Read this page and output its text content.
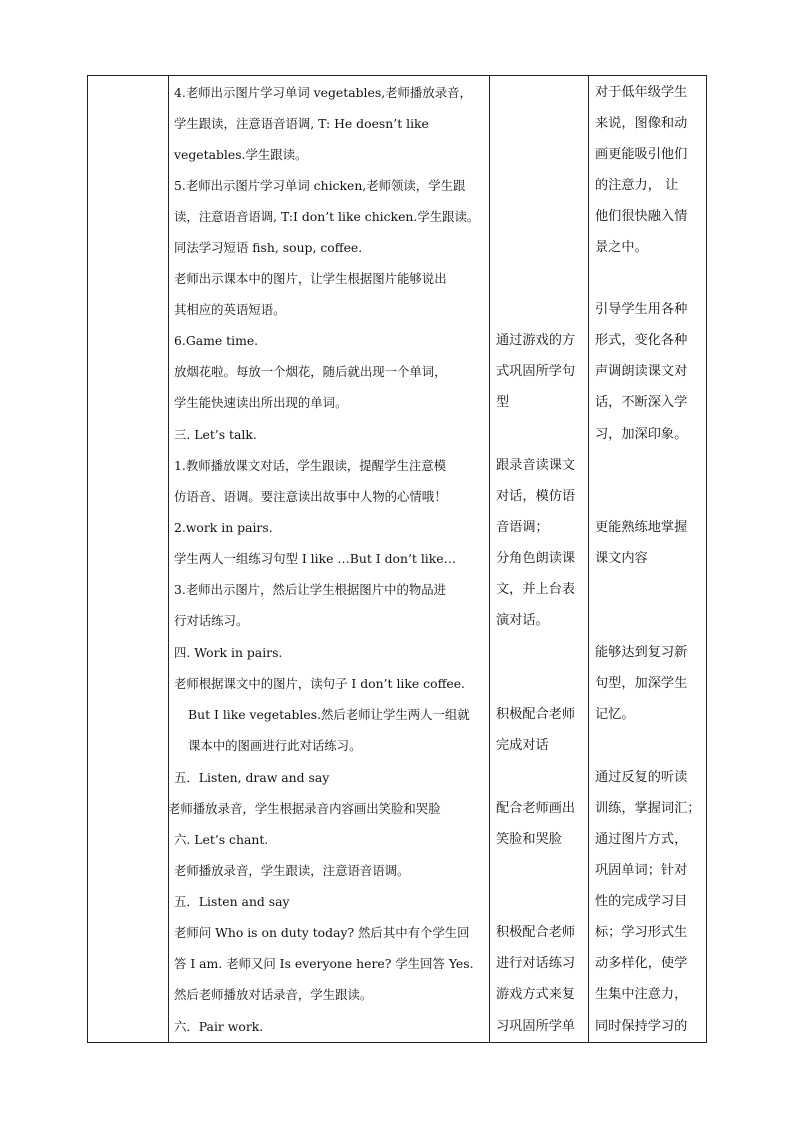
4.老师出示图片学习单词 vegetables,老师播放录音，
学生跟读，注意语音语调, T: He doesn’t like
vegetables.学生跟读。
5.老师出示图片学习单词 chicken,老师领读，学生跟
读，注意语音语调, T:I don’t like chicken.学生跟读。
同法学习短语 fish, soup, coffee.
老师出示课本中的图片，让学生根据图片能够说出
其相应的英语短语。
6.Game time.
放烟花啦。每放一个烟花，随后就出现一个单词，
学生能快速读出所出现的单词。
三. Let’s talk.
1.教师播放课文对话，学生跟读，提醒学生注意模
仿语音、语调。要注意读出故事中人物的心情哦！
2.work in pairs.
学生两人一组练习句型 I like …But I don’t like…
3.老师出示图片，然后让学生根据图片中的物品进
行对话练习。
四. Work in pairs.
老师根据课文中的图片，读句子 I don’t like coffee.
But I like vegetables.然后老师让学生两人一组就
课本中的图画进行此对话练习。
五．Listen, draw and say
老师播放录音，学生根据录音内容画出笑脸和哭脸
六. Let’s chant.
老师播放录音，学生跟读，注意语音语调。
五．Listen and say
老师问 Who is on duty today? 然后其中有个学生回
答 I am. 老师又问 Is everyone here? 学生回答 Yes.
然后老师播放对话录音，学生跟读。
六．Pair work.
通过游戏的方
式巩固所学句
型
跟录音读课文
对话，模仿语
音语调；
分角色朗读课
文，并上台表
演对话。
积极配合老师
完成对话
配合老师画出
笑脸和哭脸
积极配合老师
进行对话练习
游戏方式来复
习巩固所学单
对于低年级学生
来说，图像和动
画更能吸引他们
的注意力， 让
他们很快融入情
景之中。
引导学生用各种
形式，变化各种
声调朗读课文对
话，不断深入学
习，加深印象。
更能熟练地掌握
课文内容
能够达到复习新
句型，加深学生
记忆。
通过反复的听读
训练，掌握词汇；
通过图片方式，
巩固单词；针对
性的完成学习目
标；学习形式生
动多样化，使学
生集中注意力，
同时保持学习的
